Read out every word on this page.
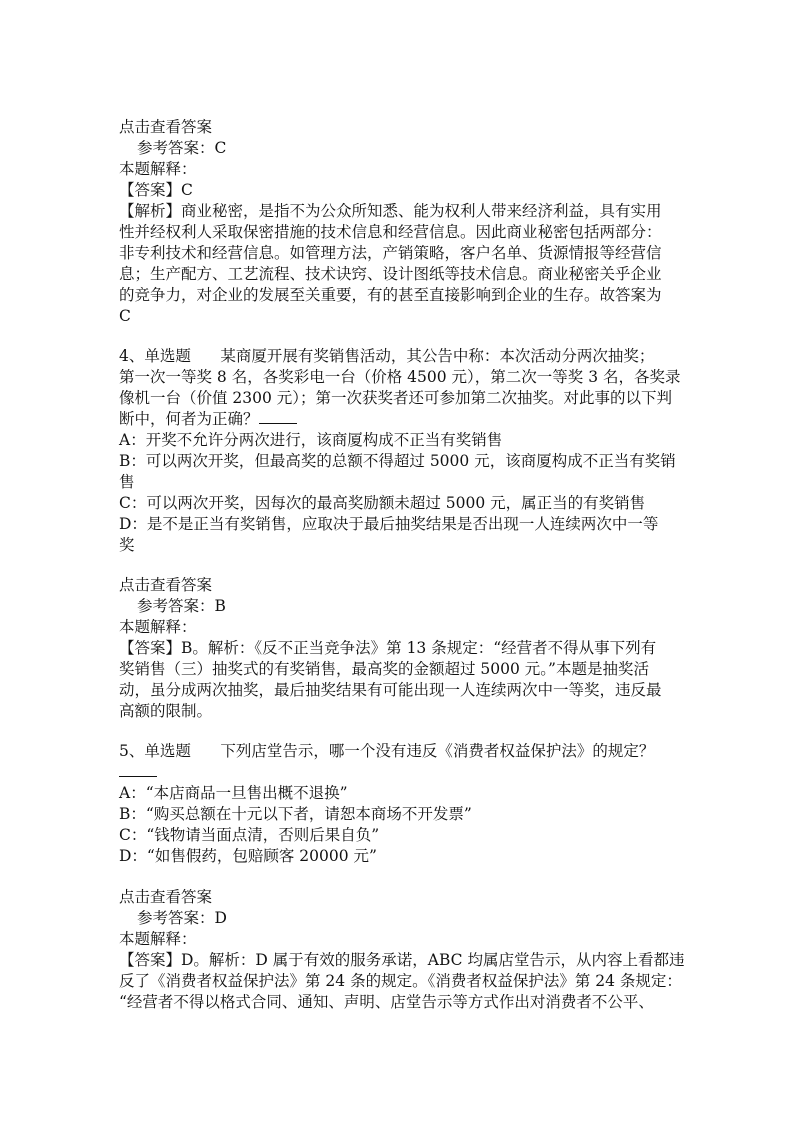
点击查看答案
参考答案：C
本题解释：
【答案】C
【解析】商业秘密，是指不为公众所知悉、能为权利人带来经济利益，具有实用
性并经权利人采取保密措施的技术信息和经营信息。因此商业秘密包括两部分：
非专利技术和经营信息。如管理方法，产销策略，客户名单、货源情报等经营信
息；生产配方、工艺流程、技术诀窍、设计图纸等技术信息。商业秘密关乎企业
的竞争力，对企业的发展至关重要，有的甚至直接影响到企业的生存。故答案为
C
4、单选题      某商厦开展有奖销售活动，其公告中称：本次活动分两次抽奖；
第一次一等奖 8 名，各奖彩电一台（价格 4500 元），第二次一等奖 3 名，各奖录
像机一台（价值 2300 元）；第一次获奖者还可参加第二次抽奖。对此事的以下判
断中，何者为正确？
A：开奖不允许分两次进行，该商厦构成不正当有奖销售
B：可以两次开奖，但最高奖的总额不得超过 5000 元，该商厦构成不正当有奖销
售
C：可以两次开奖，因每次的最高奖励额未超过 5000 元，属正当的有奖销售
D：是不是正当有奖销售，应取决于最后抽奖结果是否出现一人连续两次中一等
奖
点击查看答案
参考答案：B
本题解释：
【答案】B。解析：《反不正当竞争法》第 13 条规定：“经营者不得从事下列有
奖销售（三）抽奖式的有奖销售，最高奖的金额超过 5000 元。”本题是抽奖活
动，虽分成两次抽奖，最后抽奖结果有可能出现一人连续两次中一等奖，违反最
高额的限制。
5、单选题      下列店堂告示，哪一个没有违反《消费者权益保护法》的规定？
A：“本店商品一旦售出概不退换”
B：“购买总额在十元以下者，请恕本商场不开发票”
C：“钱物请当面点清，否则后果自负”
D：“如售假药，包赔顾客 20000 元”
点击查看答案
参考答案：D
本题解释：
【答案】D。解析：D 属于有效的服务承诺，ABC 均属店堂告示，从内容上看都违
反了《消费者权益保护法》第 24 条的规定。《消费者权益保护法》第 24 条规定：
“经营者不得以格式合同、通知、声明、店堂告示等方式作出对消费者不公平、
